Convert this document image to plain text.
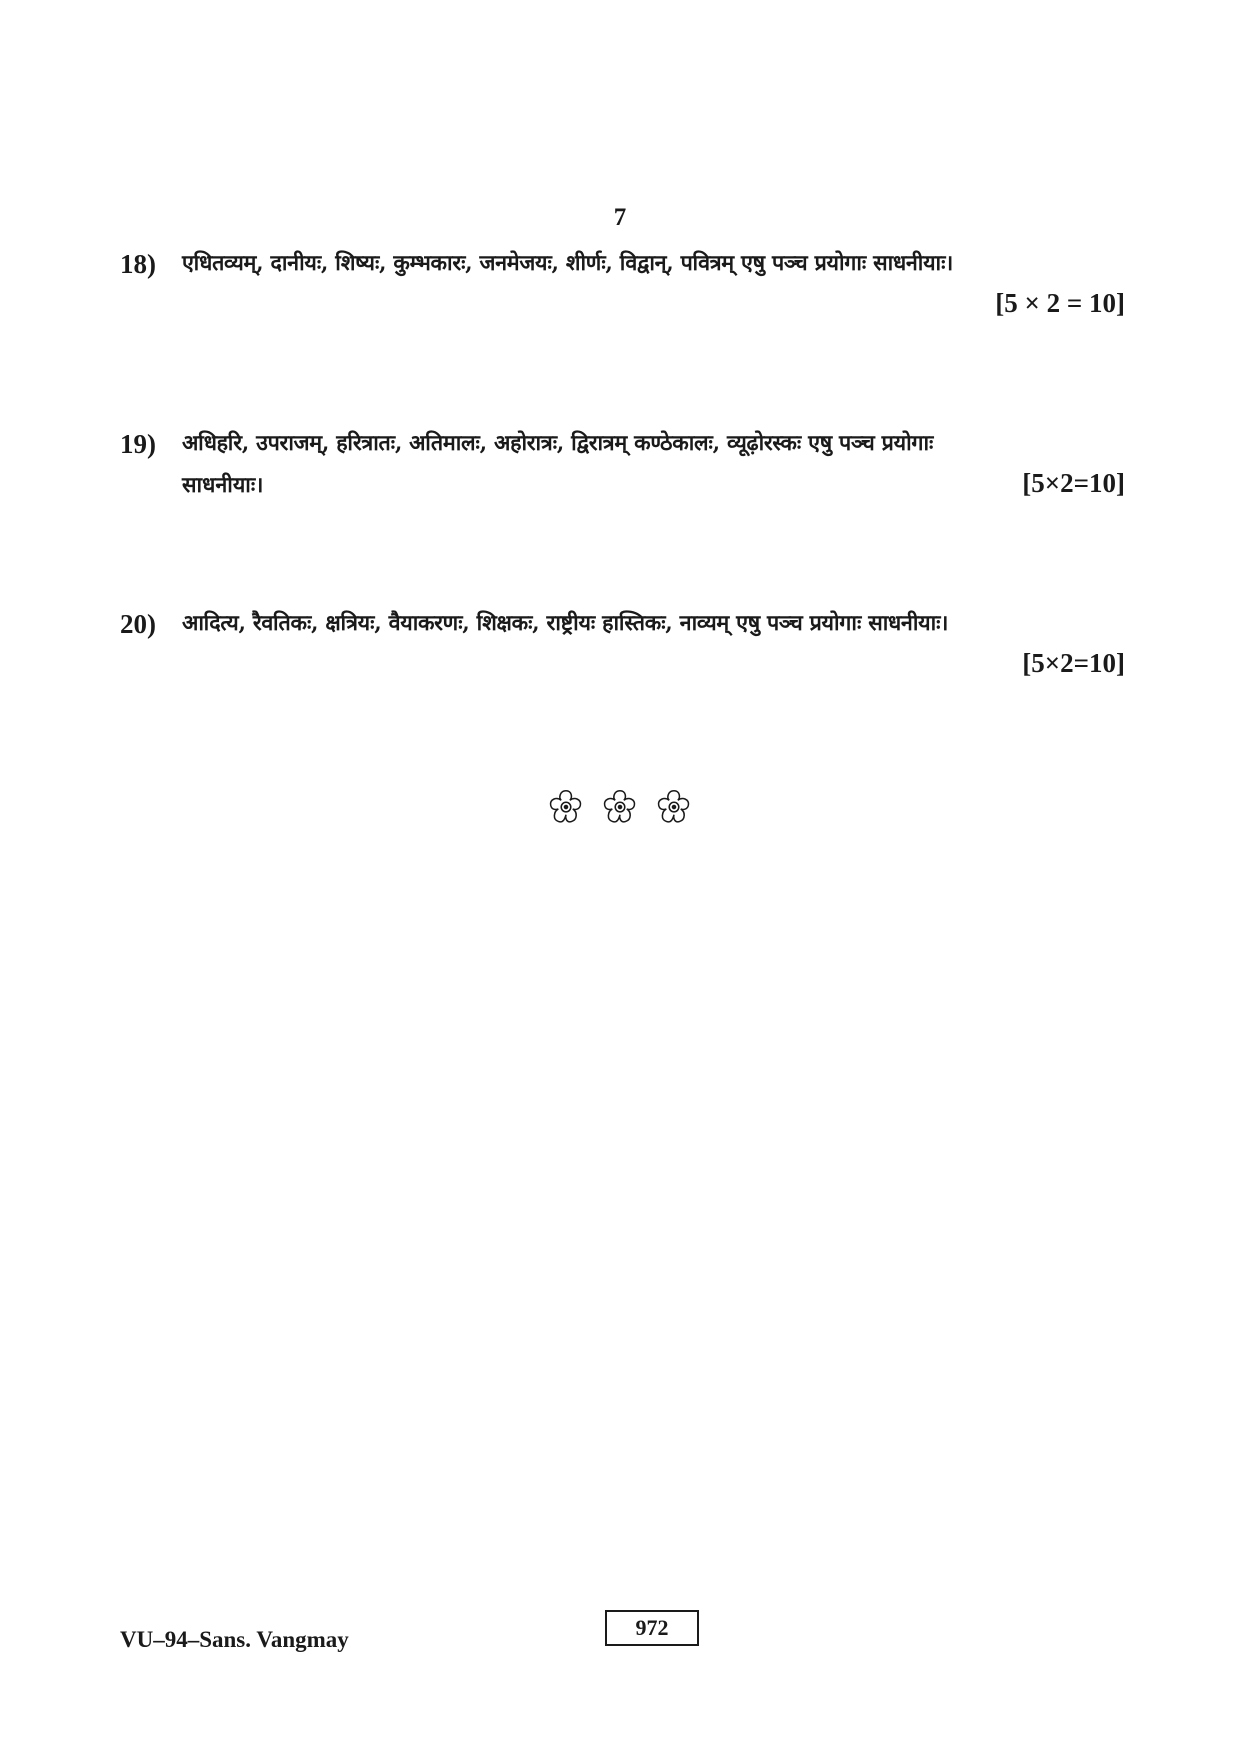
7
18) एधितव्यम्, दानीयः, शिष्यः, कुम्भकारः, जनमेजयः, शीर्णः, विद्वान्, पवित्रम् एषु पञ्च प्रयोगाः साधनीयाः।
[5 × 2 = 10]
19) अधिहरि, उपराजम्, हरित्रातः, अतिमालः, अहोरात्रः, द्विरात्रम् कण्ठेकालः, व्यूढ़ोरस्कः एषु पञ्च प्रयोगाः
साधनीयाः।	[5×2=10]
20) आदित्य, रैवतिकः, क्षत्रियः, वैयाकरणः, शिक्षकः, राष्ट्रीयः हास्तिकः, नाव्यम् एषु पञ्च प्रयोगाः साधनीयाः।
[5×2=10]
VU–94–Sans. Vangmay	972
